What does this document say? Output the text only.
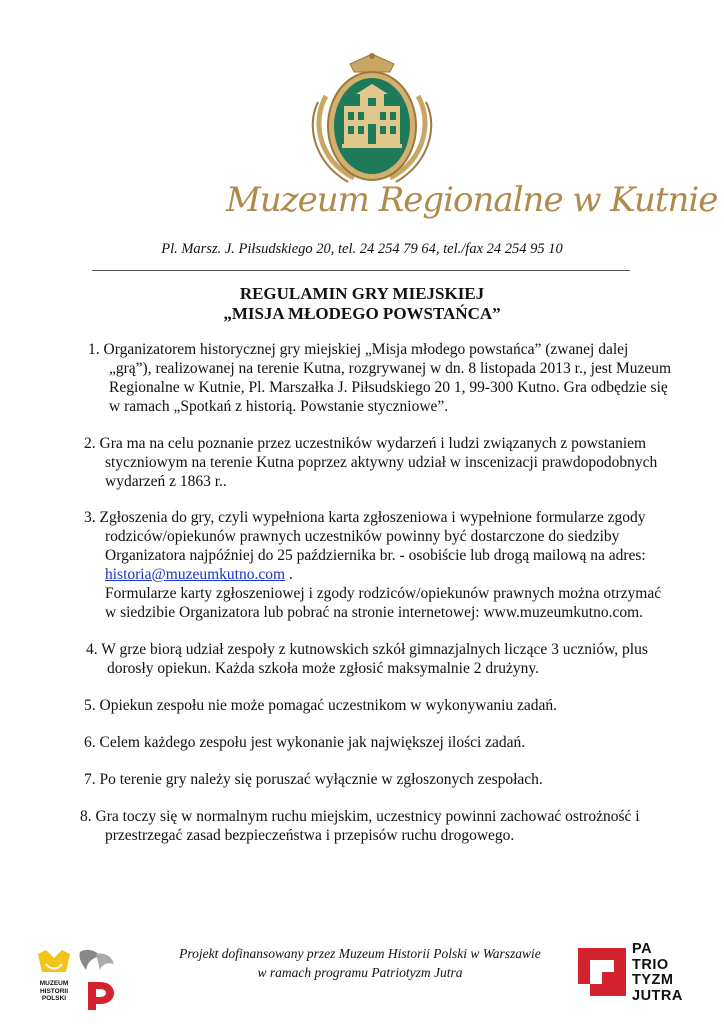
Muzeum Regionalne w Kutnie
Pl. Marsz. J. Piłsudskiego 20, tel. 24 254 79 64, tel./fax 24 254 95 10
REGULAMIN GRY MIEJSKIEJ
„MISJA MŁODEGO POWSTAŃCA”
1. Organizatorem historycznej gry miejskiej „Misja młodego powstańca” (zwanej dalej „grą”), realizowanej na terenie Kutna, rozgrywanej w dn. 8 listopada 2013 r., jest Muzeum Regionalne w Kutnie, Pl. Marszałka J. Piłsudskiego 20 1, 99-300 Kutno. Gra odbędzie się w ramach „Spotkań z historią. Powstanie styczniowe”.
2. Gra ma na celu poznanie przez uczestników wydarzeń i ludzi związanych z powstaniem styczniowym na terenie Kutna poprzez aktywny udział w inscenizacji prawdopodobnych wydarzeń z 1863 r..
3. Zgłoszenia do gry, czyli wypełniona karta zgłoszeniowa i wypełnione formularze zgody rodziców/opiekunów prawnych uczestników powinny być dostarczone do siedziby Organizatora najpóźniej do 25 października br. - osobiście lub drogą mailową na adres:
historia@muzeumkutno.com .
Formularze karty zgłoszeniowej i zgody rodziców/opiekunów prawnych można otrzymać w siedzibie Organizatora lub pobrać na stronie internetowej: www.muzeumkutno.com.
4. W grze biorą udział zespoły z kutnowskich szkół gimnazjalnych liczące 3 uczniów, plus dorosły opiekun. Każda szkoła może zgłosić maksymalnie 2 drużyny.
5. Opiekun zespołu nie może pomagać uczestnikom w wykonywaniu zadań.
6. Celem każdego zespołu jest wykonanie jak największej ilości zadań.
7. Po terenie gry należy się poruszać wyłącznie w zgłoszonych zespołach.
8. Gra toczy się w normalnym ruchu miejskim, uczestnicy powinni zachować ostrożność i przestrzegać zasad bezpieczeństwa i przepisów ruchu drogowego.
MUZEUM
HISTORII
POLSKI
Projekt dofinansowany przez Muzeum Historii Polski w Warszawie
w ramach programu Patriotyzm Jutra
PA
TRIO
TYZM
JUTRA
